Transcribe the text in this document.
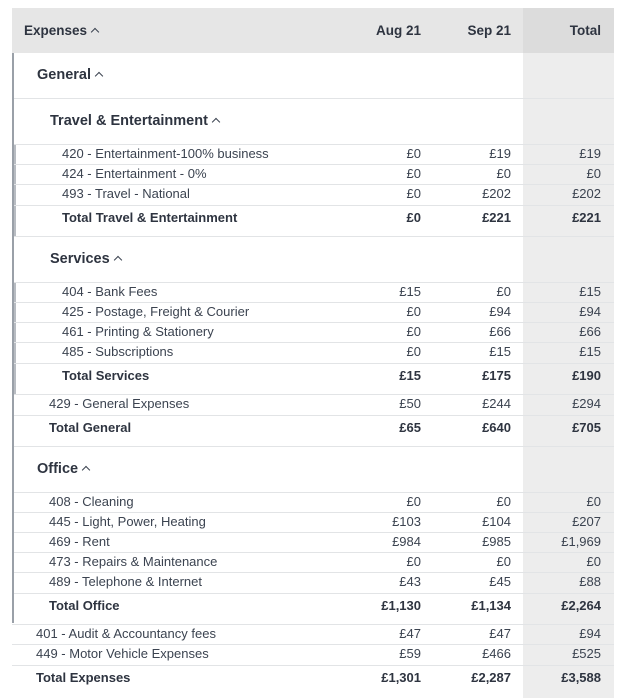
Expenses	Aug 21	Sep 21	Total
General
Travel & Entertainment
420 - Entertainment-100% business	£0	£19	£19
424 - Entertainment - 0%	£0	£0	£0
493 - Travel - National	£0	£202	£202
Total Travel & Entertainment	£0	£221	£221
Services
404 - Bank Fees	£15	£0	£15
425 - Postage, Freight & Courier	£0	£94	£94
461 - Printing & Stationery	£0	£66	£66
485 - Subscriptions	£0	£15	£15
Total Services	£15	£175	£190
429 - General Expenses	£50	£244	£294
Total General	£65	£640	£705
Office
408 - Cleaning	£0	£0	£0
445 - Light, Power, Heating	£103	£104	£207
469 - Rent	£984	£985	£1,969
473 - Repairs & Maintenance	£0	£0	£0
489 - Telephone & Internet	£43	£45	£88
Total Office	£1,130	£1,134	£2,264
401 - Audit & Accountancy fees	£47	£47	£94
449 - Motor Vehicle Expenses	£59	£466	£525
Total Expenses	£1,301	£2,287	£3,588
